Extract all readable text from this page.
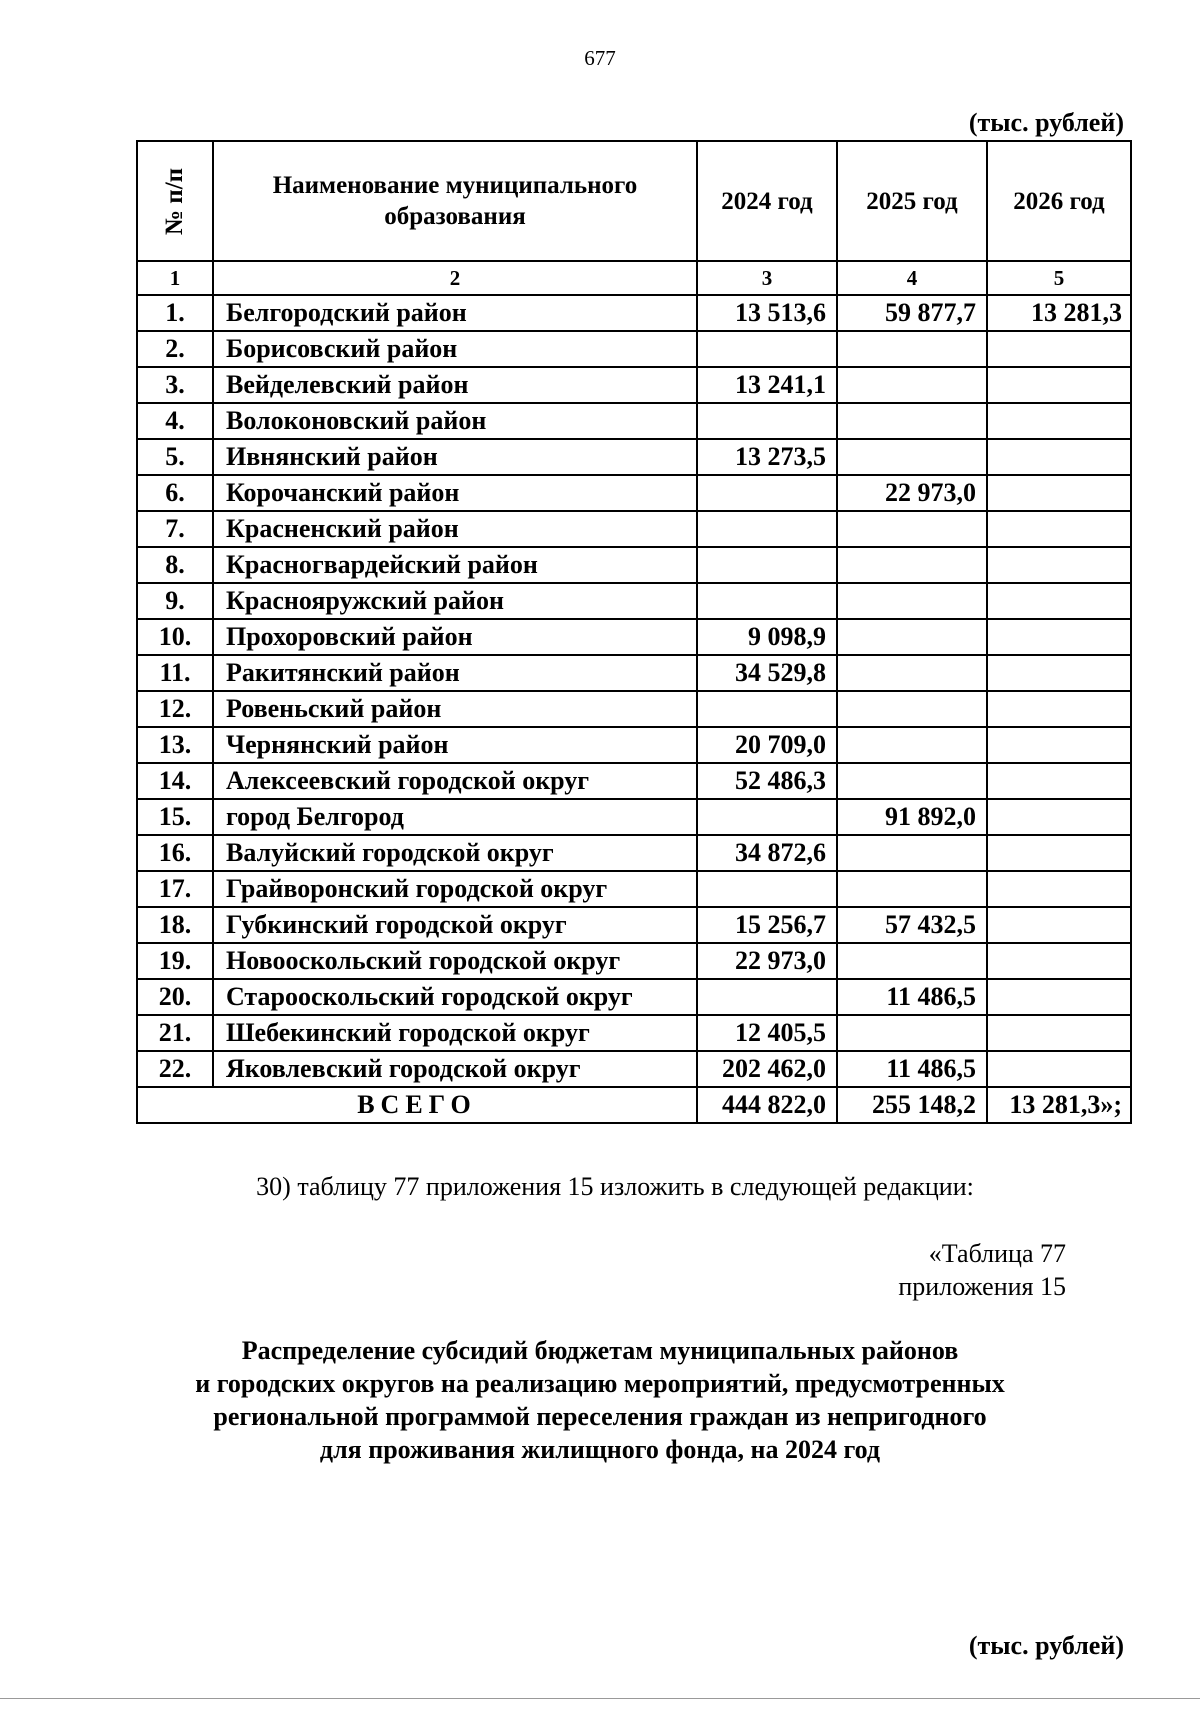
677
(тыс. рублей)
№ п/п	Наименование муниципального образования	2024 год	2025 год	2026 год
1	2	3	4	5
1.	Белгородский район	13 513,6	59 877,7	13 281,3
2.	Борисовский район			
3.	Вейделевский район	13 241,1		
4.	Волоконовский район			
5.	Ивнянский район	13 273,5		
6.	Корочанский район		22 973,0	
7.	Красненский район			
8.	Красногвардейский район			
9.	Краснояружский район			
10.	Прохоровский район	9 098,9		
11.	Ракитянский район	34 529,8		
12.	Ровеньский район			
13.	Чернянский район	20 709,0		
14.	Алексеевский городской округ	52 486,3		
15.	город Белгород		91 892,0	
16.	Валуйский городской округ	34 872,6		
17.	Грайворонский городской округ			
18.	Губкинский городской округ	15 256,7	57 432,5	
19.	Новооскольский городской округ	22 973,0		
20.	Старооскольский городской округ		11 486,5	
21.	Шебекинский городской округ	12 405,5		
22.	Яковлевский городской округ	202 462,0	11 486,5	
ВСЕГО		444 822,0	255 148,2	13 281,3»;
30) таблицу 77 приложения 15 изложить в следующей редакции:
«Таблица 77
приложения 15
Распределение субсидий бюджетам муниципальных районов
и городских округов на реализацию мероприятий, предусмотренных
региональной программой переселения граждан из непригодного
для проживания жилищного фонда, на 2024 год
(тыс. рублей)
